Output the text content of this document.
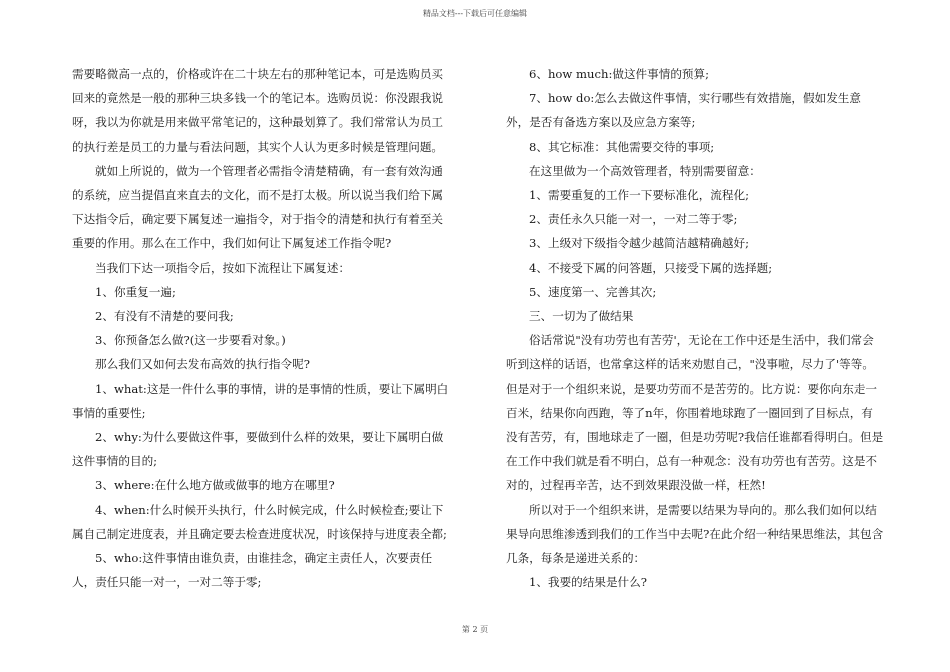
精品文档---下载后可任意编辑

需要略微高一点的，价格或许在二十块左右的那种笔记本，可是选购员买回来的竟然是一般的那种三块多钱一个的笔记本。选购员说：你没跟我说呀，我以为你就是用来做平常笔记的，这种最划算了。我们常常认为员工的执行差是员工的力量与看法问题，其实个人认为更多时候是管理问题。

就如上所说的，做为一个管理者必需指令清楚精确，有一套有效沟通的系统，应当提倡直来直去的文化，而不是打太极。所以说当我们给下属下达指令后，确定要下属复述一遍指令，对于指令的清楚和执行有着至关重要的作用。那么在工作中，我们如何让下属复述工作指令呢?

当我们下达一项指令后，按如下流程让下属复述：

1、你重复一遍;

2、有没有不清楚的要问我;

3、你预备怎么做?(这一步要看对象。)

那么我们又如何去发布高效的执行指令呢?

1、what:这是一件什么事的事情，讲的是事情的性质，要让下属明白事情的重要性;

2、why:为什么要做这件事，要做到什么样的效果，要让下属明白做这件事情的目的;

3、where:在什么地方做或做事的地方在哪里?

4、when:什么时候开头执行，什么时候完成，什么时候检查;要让下属自己制定进度表，并且确定要去检查进度状况，时该保持与进度表全都;

5、who:这件事情由谁负责，由谁挂念，确定主责任人，次要责任人，责任只能一对一，一对二等于零;

6、how much:做这件事情的预算;

7、how do:怎么去做这件事情，实行哪些有效措施，假如发生意外，是否有备选方案以及应急方案等;

8、其它标准：其他需要交待的事项;

在这里做为一个高效管理者，特别需要留意：

1、需要重复的工作一下要标准化，流程化;

2、责任永久只能一对一，一对二等于零;

3、上级对下级指令越少越简洁越精确越好;

4、不接受下属的问答题，只接受下属的选择题;

5、速度第一、完善其次;

三、一切为了做结果

俗话常说"没有功劳也有苦劳'，无论在工作中还是生活中，我们常会听到这样的话语，也常拿这样的话来劝慰自己，"没事啦，尽力了'等等。但是对于一个组织来说，是要功劳而不是苦劳的。比方说：要你向东走一百米，结果你向西跑，等了n年，你围着地球跑了一圈回到了目标点，有没有苦劳，有，围地球走了一圈，但是功劳呢?我信任谁都看得明白。但是在工作中我们就是看不明白，总有一种观念：没有功劳也有苦劳。这是不对的，过程再辛苦，达不到效果跟没做一样，枉然!

所以对于一个组织来讲，是需要以结果为导向的。那么我们如何以结果导向思维渗透到我们的工作当中去呢?在此介绍一种结果思维法，其包含几条，每条是递进关系的：

1、我要的结果是什么?

第 2 页
